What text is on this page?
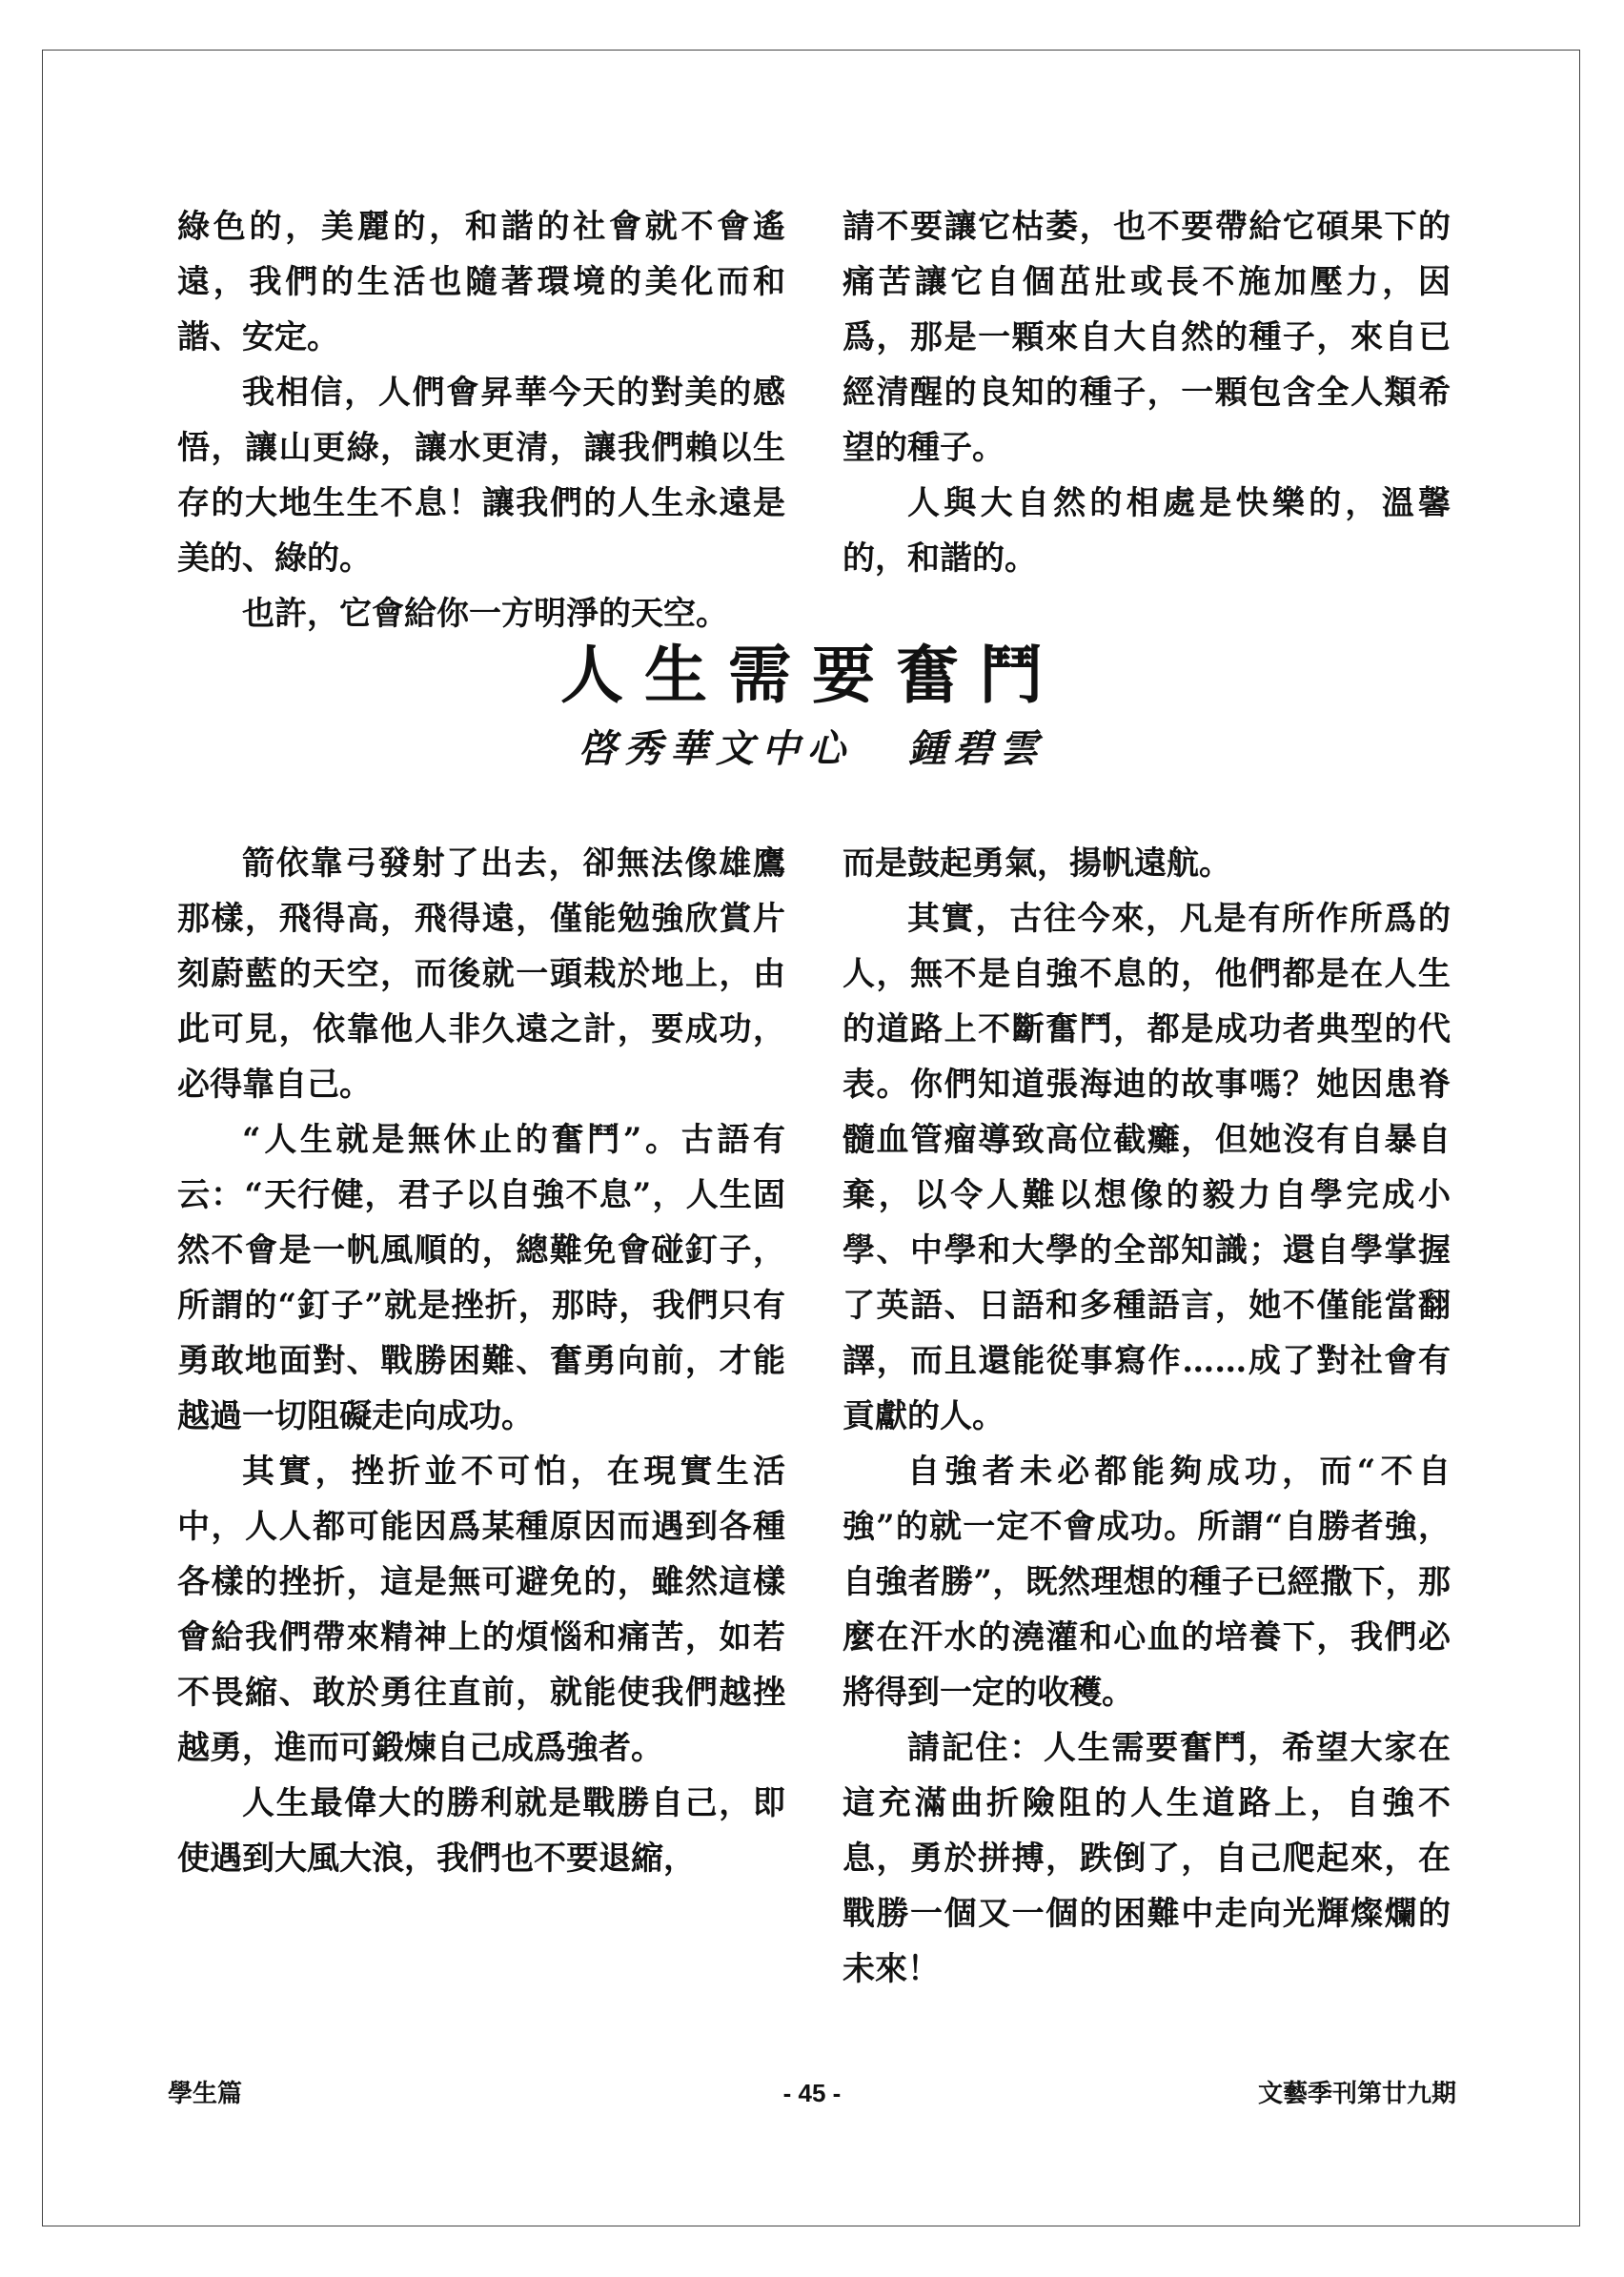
綠色的，美麗的，和諧的社會就不會遙遠，我們的生活也隨著環境的美化而和諧、安定。

我相信，人們會昇華今天的對美的感悟，讓山更綠，讓水更清，讓我們賴以生存的大地生生不息！讓我們的人生永遠是美的、綠的。

也許，它會給你一方明淨的天空。

請不要讓它枯萎，也不要帶給它碩果下的痛苦讓它自個茁壯或長不施加壓力，因爲，那是一顆來自大自然的種子，來自已經清醒的良知的種子，一顆包含全人類希望的種子。

人與大自然的相處是快樂的，溫馨的，和諧的。

人生需要奮鬥
啓秀華文中心 鍾碧雲

箭依靠弓發射了出去，卻無法像雄鷹那樣，飛得高，飛得遠，僅能勉強欣賞片刻蔚藍的天空，而後就一頭栽於地上，由此可見，依靠他人非久遠之計，要成功，必得靠自己。

“人生就是無休止的奮鬥”。古語有云：“天行健，君子以自強不息”，人生固然不會是一帆風順的，總難免會碰釘子，所謂的“釘子”就是挫折，那時，我們只有勇敢地面對、戰勝困難、奮勇向前，才能越過一切阻礙走向成功。

其實，挫折並不可怕，在現實生活中，人人都可能因爲某種原因而遇到各種各樣的挫折，這是無可避免的，雖然這樣會給我們帶來精神上的煩惱和痛苦，如若不畏縮、敢於勇往直前，就能使我們越挫越勇，進而可鍛煉自己成爲強者。

人生最偉大的勝利就是戰勝自己，即使遇到大風大浪，我們也不要退縮，

而是鼓起勇氣，揚帆遠航。

其實，古往今來，凡是有所作所爲的人，無不是自強不息的，他們都是在人生的道路上不斷奮鬥，都是成功者典型的代表。你們知道張海迪的故事嗎？她因患脊髓血管瘤導致高位截癱，但她沒有自暴自棄，以令人難以想像的毅力自學完成小學、中學和大學的全部知識；還自學掌握了英語、日語和多種語言，她不僅能當翻譯，而且還能從事寫作……成了對社會有貢獻的人。

自強者未必都能夠成功，而“不自強”的就一定不會成功。所謂“自勝者強，自強者勝”，既然理想的種子已經撒下，那麼在汗水的澆灌和心血的培養下，我們必將得到一定的收穫。

請記住：人生需要奮鬥，希望大家在這充滿曲折險阻的人生道路上，自強不息，勇於拼搏，跌倒了，自己爬起來，在戰勝一個又一個的困難中走向光輝燦爛的未來！

學生篇	- 45 -	文藝季刊第廿九期
